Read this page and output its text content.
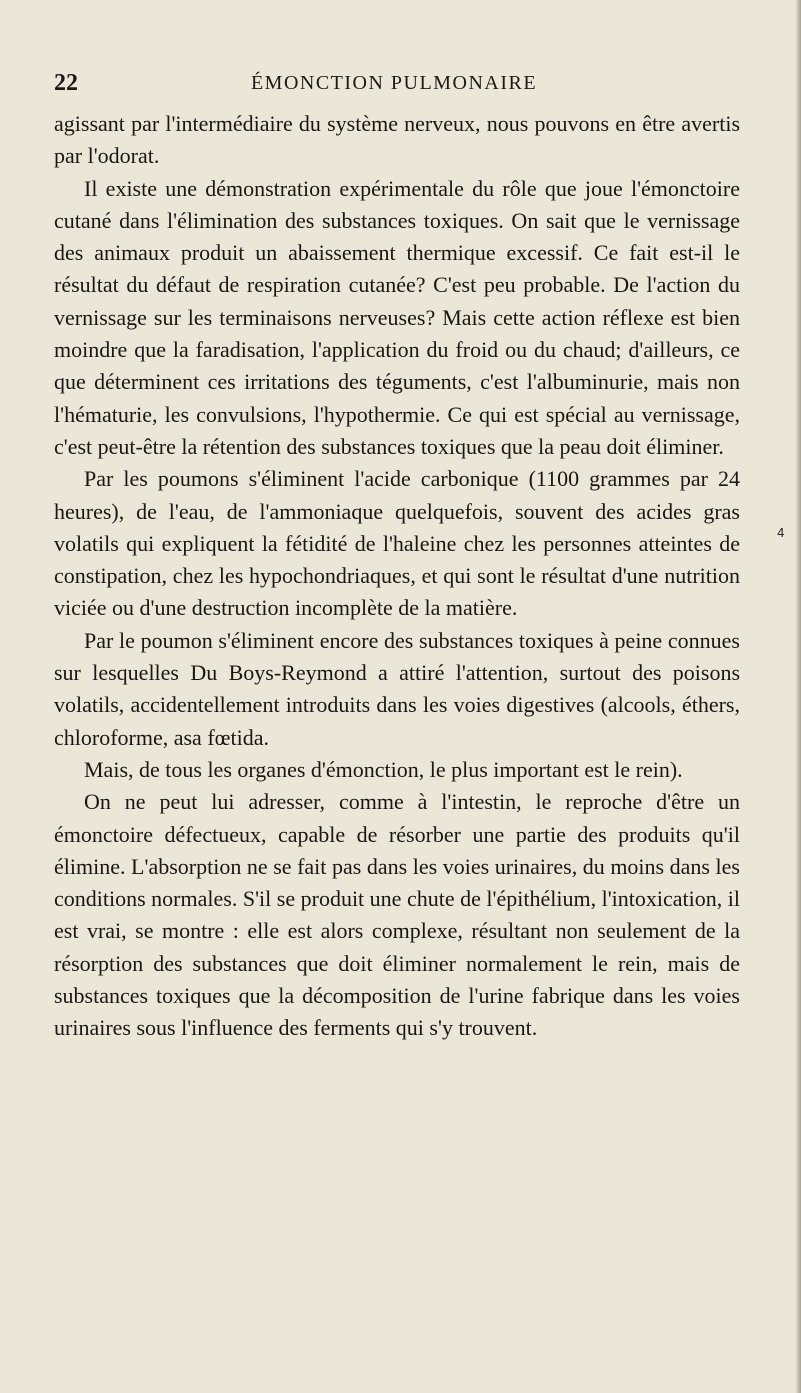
22	ÉMONCTION PULMONAIRE

agissant par l'intermédiaire du système nerveux, nous pouvons en être avertis par l'odorat.

Il existe une démonstration expérimentale du rôle que joue l'émonctoire cutané dans l'élimination des substances toxiques. On sait que le vernissage des animaux produit un abaissement thermique excessif. Ce fait est-il le résultat du défaut de respiration cutanée? C'est peu probable. De l'action du vernissage sur les terminaisons nerveuses? Mais cette action réflexe est bien moindre que la faradisation, l'application du froid ou du chaud; d'ailleurs, ce que déterminent ces irritations des téguments, c'est l'albuminurie, mais non l'hématurie, les convulsions, l'hypothermie. Ce qui est spécial au vernissage, c'est peut-être la rétention des substances toxiques que la peau doit éliminer.

Par les poumons s'éliminent l'acide carbonique (1100 grammes par 24 heures), de l'eau, de l'ammoniaque quelquefois, souvent des acides gras volatils qui expliquent la fétidité de l'haleine chez les personnes atteintes de constipation, chez les hypochondriaques, et qui sont le résultat d'une nutrition viciée ou d'une destruction incomplète de la matière.

Par le poumon s'éliminent encore des substances toxiques à peine connues sur lesquelles Du Boys-Reymond a attiré l'attention, surtout des poisons volatils, accidentellement introduits dans les voies digestives (alcools, éthers, chloroforme, asa fœtida.

Mais, de tous les organes d'émonction, le plus important est le rein).

On ne peut lui adresser, comme à l'intestin, le reproche d'être un émonctoire défectueux, capable de résorber une partie des produits qu'il élimine. L'absorption ne se fait pas dans les voies urinaires, du moins dans les conditions normales. S'il se produit une chute de l'épithélium, l'intoxication, il est vrai, se montre : elle est alors complexe, résultant non seulement de la résorption des substances que doit éliminer normalement le rein, mais de substances toxiques que la décomposition de l'urine fabrique dans les voies urinaires sous l'influence des ferments qui s'y trouvent.

4
